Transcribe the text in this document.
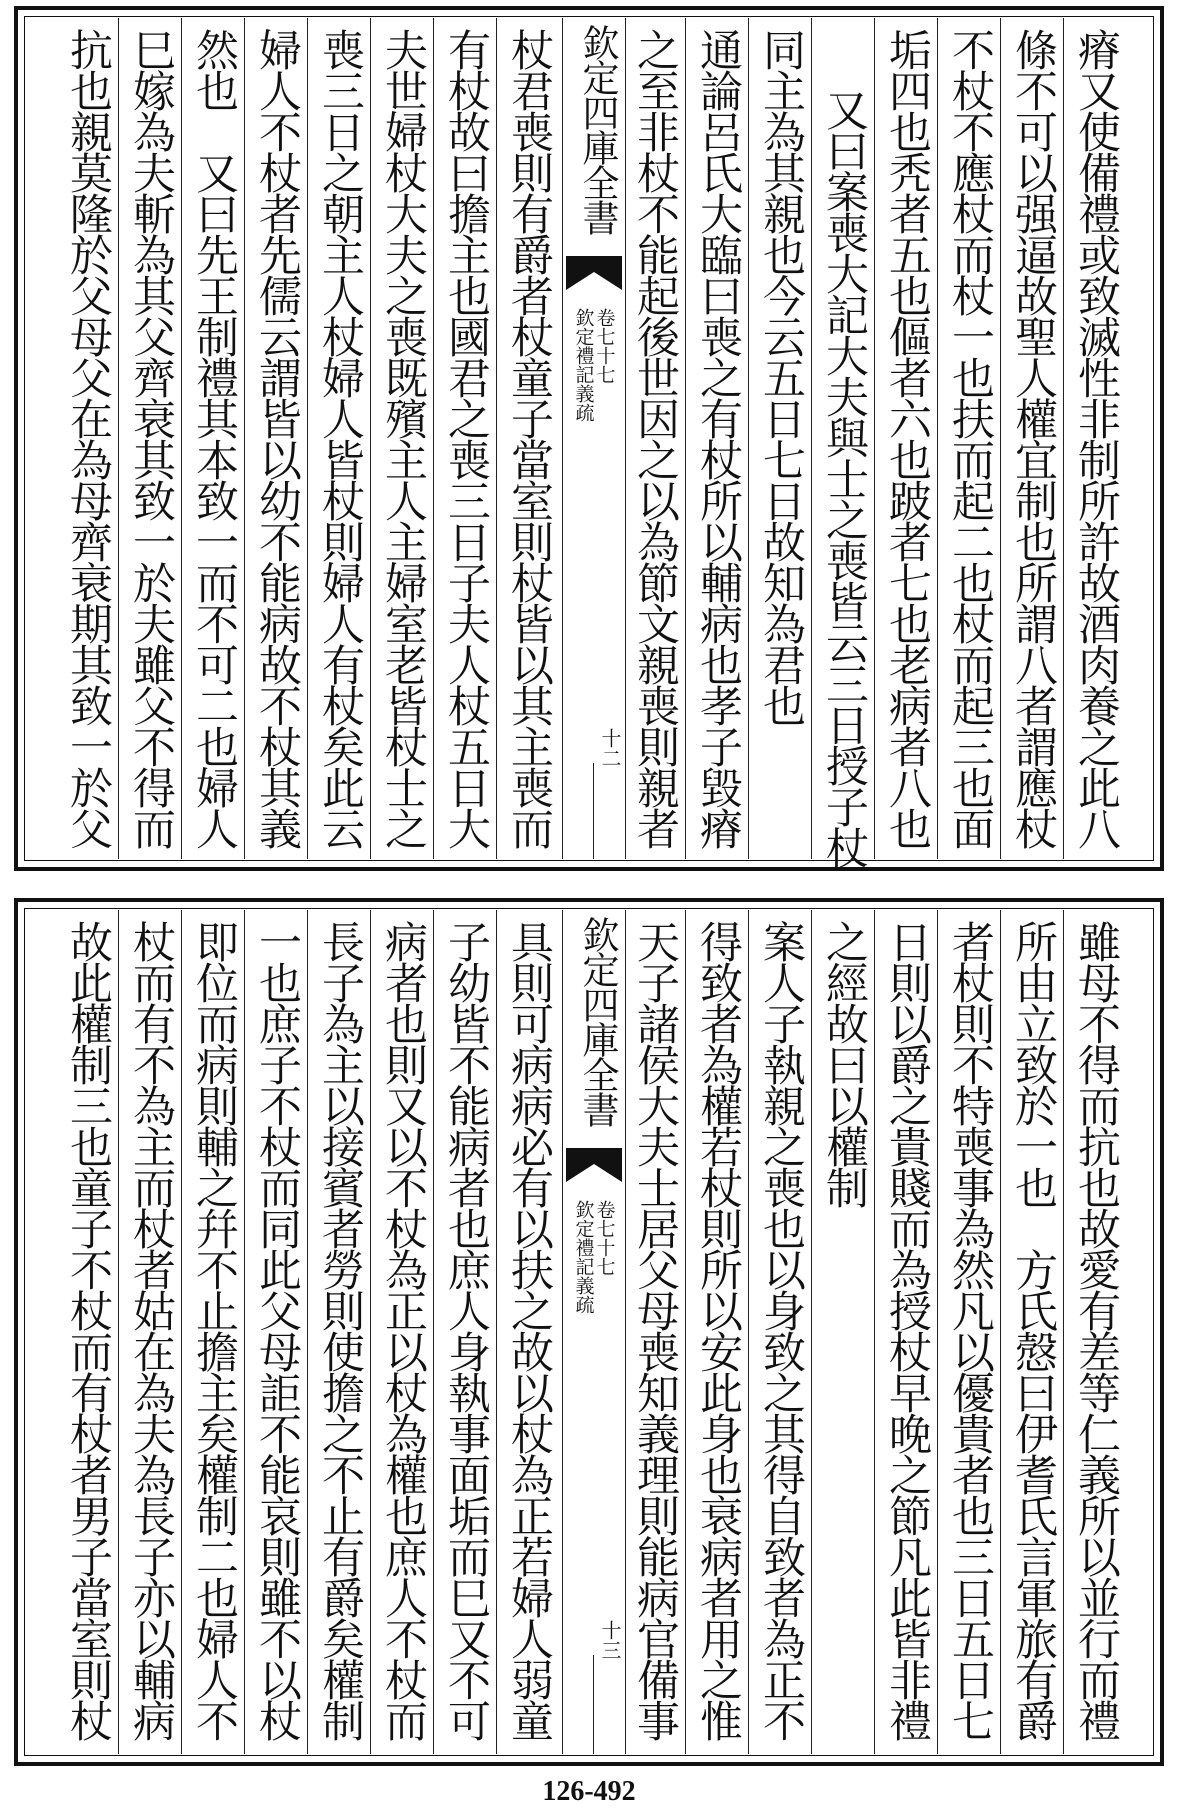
瘠又使備禮或致滅性非制所許故酒肉養之此八
條不可以强逼故聖人權宜制也所謂八者謂應杖
不杖不應杖而杖一也扶而起二也杖而起三也面
垢四也秃者五也傴者六也跛者七也老病者八也
又曰案喪大記大夫與士之喪皆云三日授子杖
同主為其親也今云五日七日故知為君也
通論呂氏大臨曰喪之有杖所以輔病也孝子毀瘠
之至非杖不能起後世因之以為節文親喪則親者
欽定四庫全書
欽定禮記義疏 卷七十七
十二
杖君喪則有爵者杖童子當室則杖皆以其主喪而
有杖故曰擔主也國君之喪三日子夫人杖五日大
夫世婦杖大夫之喪既殯主人主婦室老皆杖士之
喪三日之朝主人杖婦人皆杖則婦人有杖矣此云
婦人不杖者先儒云謂皆以幼不能病故不杖其義
然也　又曰先王制禮其本致一而不可二也婦人
巳嫁為夫斬為其父齊衰其致一於夫雖父不得而
抗也親莫隆於父母父在為母齊衰期其致一於父
雖母不得而抗也故愛有差等仁義所以並行而禮
所由立致於一也　方氏慤曰伊耆氏言軍旅有爵
者杖則不特喪事為然凡以優貴者也三日五日七
日則以爵之貴賤而為授杖早晚之節凡此皆非禮
之經故曰以權制
案人子執親之喪也以身致之其得自致者為正不
得致者為權若杖則所以安此身也衰病者用之惟
天子諸侯大夫士居父母喪知義理則能病官備事
欽定四庫全書
欽定禮記義疏 卷七十七
十三
具則可病病必有以扶之故以杖為正若婦人弱童
子幼皆不能病者也庶人身執事面垢而巳又不可
病者也則又以不杖為正以杖為權也庶人不杖而
長子為主以接賓者勞則使擔之不止有爵矣權制
一也庶子不杖而同此父母詎不能哀則雖不以杖
即位而病則輔之幷不止擔主矣權制二也婦人不
杖而有不為主而杖者姑在為夫為長子亦以輔病
故此權制三也童子不杖而有杖者男子當室則杖
126-492
